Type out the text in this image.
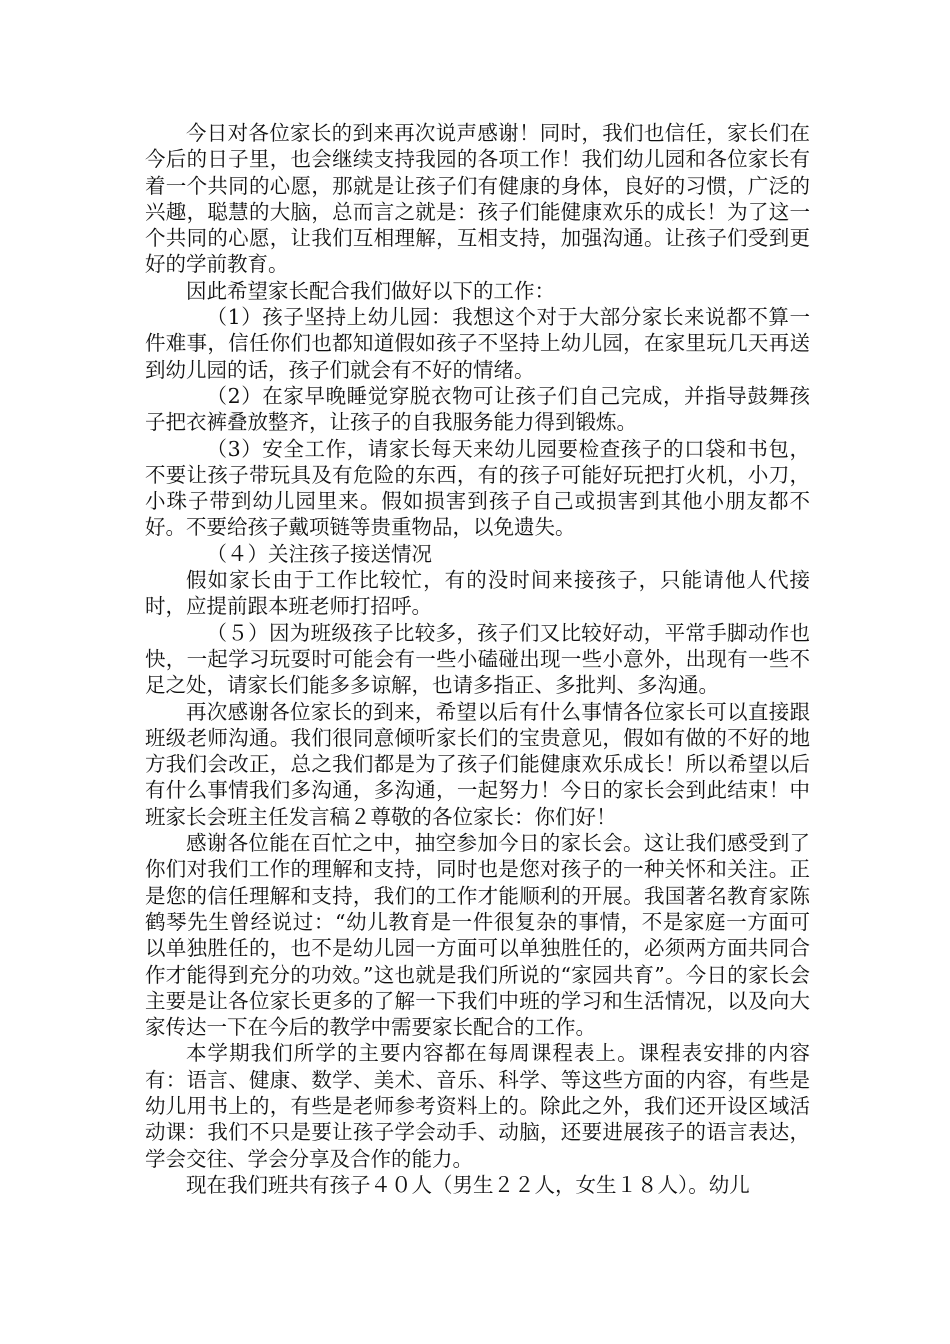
今日对各位家长的到来再次说声感谢！同时，我们也信任，家长们在今后的日子里，也会继续支持我园的各项工作！我们幼儿园和各位家长有着一个共同的心愿，那就是让孩子们有健康的身体，良好的习惯，广泛的兴趣，聪慧的大脑，总而言之就是：孩子们能健康欢乐的成长！为了这一个共同的心愿，让我们互相理解，互相支持，加强沟通。让孩子们受到更好的学前教育。

因此希望家长配合我们做好以下的工作：

（1）孩子坚持上幼儿园：我想这个对于大部分家长来说都不算一件难事，信任你们也都知道假如孩子不坚持上幼儿园，在家里玩几天再送到幼儿园的话，孩子们就会有不好的情绪。

（2）在家早晚睡觉穿脱衣物可让孩子们自己完成，并指导鼓舞孩子把衣裤叠放整齐，让孩子的自我服务能力得到锻炼。

（3）安全工作，请家长每天来幼儿园要检查孩子的口袋和书包，不要让孩子带玩具及有危险的东西，有的孩子可能好玩把打火机，小刀，小珠子带到幼儿园里来。假如损害到孩子自己或损害到其他小朋友都不好。不要给孩子戴项链等贵重物品，以免遗失。

（４）关注孩子接送情况

假如家长由于工作比较忙，有的没时间来接孩子，只能请他人代接时，应提前跟本班老师打招呼。

（５）因为班级孩子比较多，孩子们又比较好动，平常手脚动作也快，一起学习玩耍时可能会有一些小磕碰出现一些小意外，出现有一些不足之处，请家长们能多多谅解，也请多指正、多批判、多沟通。

再次感谢各位家长的到来，希望以后有什么事情各位家长可以直接跟班级老师沟通。我们很同意倾听家长们的宝贵意见，假如有做的不好的地方我们会改正，总之我们都是为了孩子们能健康欢乐成长！所以希望以后有什么事情我们多沟通，多沟通，一起努力！今日的家长会到此结束！中班家长会班主任发言稿２尊敬的各位家长：你们好！

感谢各位能在百忙之中，抽空参加今日的家长会。这让我们感受到了你们对我们工作的理解和支持，同时也是您对孩子的一种关怀和关注。正是您的信任理解和支持，我们的工作才能顺利的开展。我国著名教育家陈鹤琴先生曾经说过：“幼儿教育是一件很复杂的事情，不是家庭一方面可以单独胜任的，也不是幼儿园一方面可以单独胜任的，必须两方面共同合作才能得到充分的功效。”这也就是我们所说的“家园共育”。今日的家长会主要是让各位家长更多的了解一下我们中班的学习和生活情况，以及向大家传达一下在今后的教学中需要家长配合的工作。

本学期我们所学的主要内容都在每周课程表上。课程表安排的内容有：语言、健康、数学、美术、音乐、科学、等这些方面的内容，有些是幼儿用书上的，有些是老师参考资料上的。除此之外，我们还开设区域活动课：我们不只是要让孩子学会动手、动脑，还要进展孩子的语言表达，学会交往、学会分享及合作的能力。

现在我们班共有孩子４０人（男生２２人，女生１８人）。幼儿
